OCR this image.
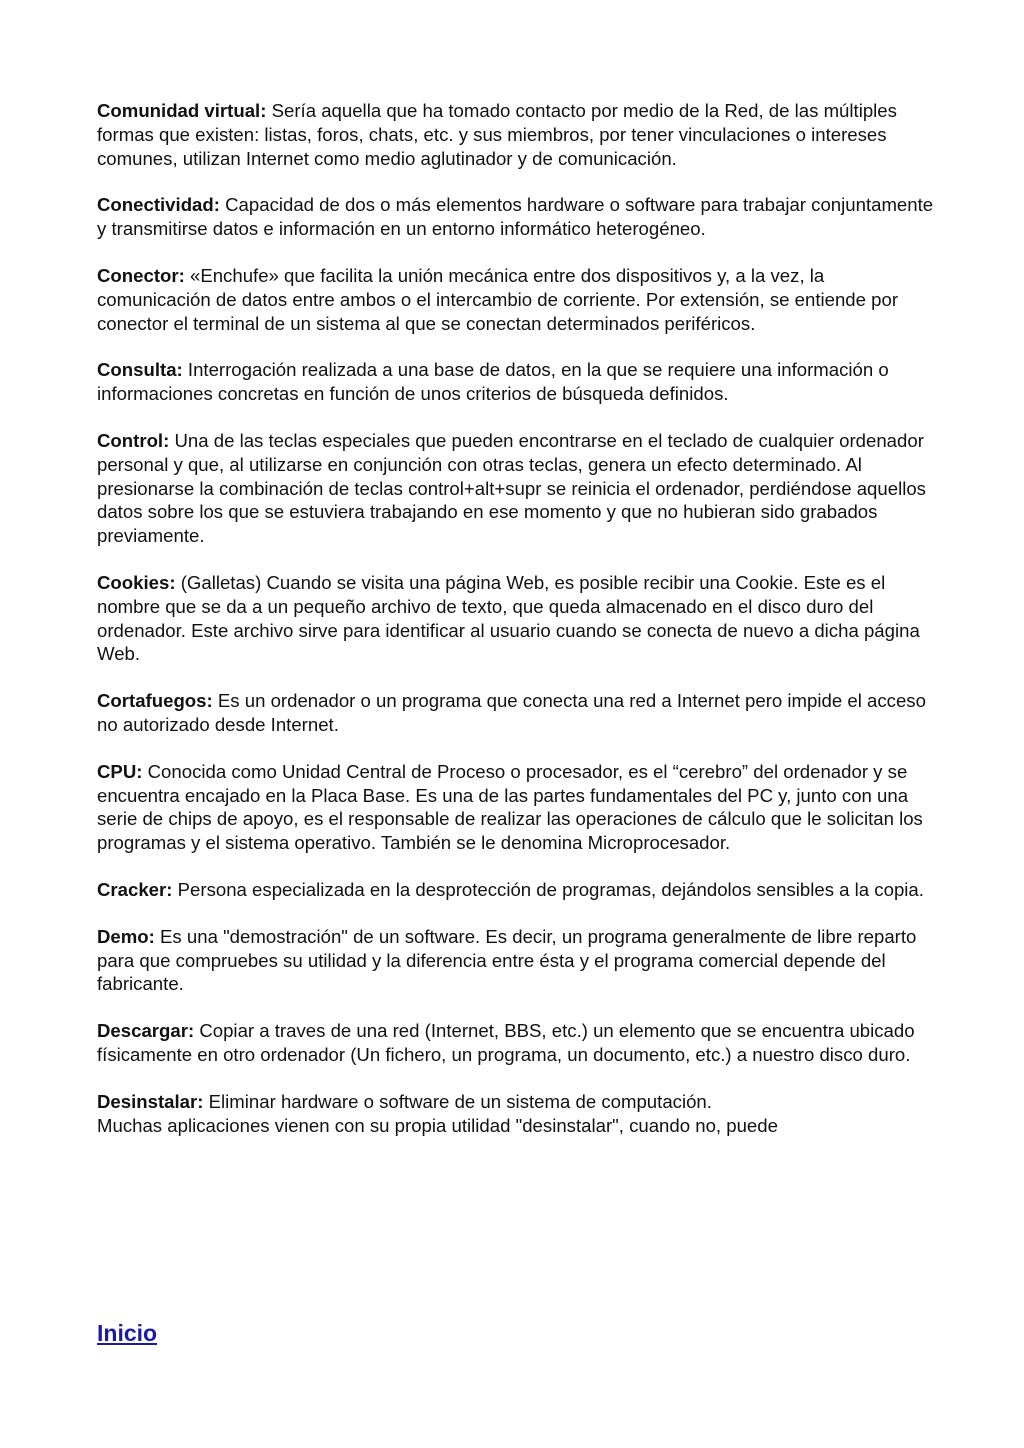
Comunidad virtual: Sería aquella que ha tomado contacto por medio de la Red, de las múltiples formas que existen: listas, foros, chats, etc. y sus miembros, por tener vinculaciones o intereses comunes, utilizan Internet como medio aglutinador y de comunicación.

Conectividad: Capacidad de dos o más elementos hardware o software para trabajar conjuntamente y transmitirse datos e información en un entorno informático heterogéneo.

Conector: «Enchufe» que facilita la unión mecánica entre dos dispositivos y, a la vez, la comunicación de datos entre ambos o el intercambio de corriente. Por extensión, se entiende por conector el terminal de un sistema al que se conectan determinados periféricos.

Consulta: Interrogación realizada a una base de datos, en la que se requiere una información o informaciones concretas en función de unos criterios de búsqueda definidos.

Control: Una de las teclas especiales que pueden encontrarse en el teclado de cualquier ordenador personal y que, al utilizarse en conjunción con otras teclas, genera un efecto determinado. Al presionarse la combinación de teclas control+alt+supr se reinicia el ordenador, perdiéndose aquellos datos sobre los que se estuviera trabajando en ese momento y que no hubieran sido grabados previamente.

Cookies: (Galletas) Cuando se visita una página Web, es posible recibir una Cookie. Este es el nombre que se da a un pequeño archivo de texto, que queda almacenado en el disco duro del ordenador. Este archivo sirve para identificar al usuario cuando se conecta de nuevo a dicha página Web.

Cortafuegos: Es un ordenador o un programa que conecta una red a Internet pero impide el acceso no autorizado desde Internet.

CPU: Conocida como Unidad Central de Proceso o procesador, es el “cerebro” del ordenador y se encuentra encajado en la Placa Base. Es una de las partes fundamentales del PC y, junto con una serie de chips de apoyo, es el responsable de realizar las operaciones de cálculo que le solicitan los programas y el sistema operativo. También se le denomina Microprocesador.

Cracker: Persona especializada en la desprotección de programas, dejándolos sensibles a la copia.

Demo: Es una "demostración" de un software. Es decir, un programa generalmente de libre reparto para que compruebes su utilidad y la diferencia entre ésta y el programa comercial depende del fabricante.

Descargar: Copiar a traves de una red (Internet, BBS, etc.) un elemento que se encuentra ubicado físicamente en otro ordenador (Un fichero, un programa, un documento, etc.) a nuestro disco duro.

Desinstalar: Eliminar hardware o software de un sistema de computación.
Muchas aplicaciones vienen con su propia utilidad "desinstalar", cuando no, puede

Inicio
